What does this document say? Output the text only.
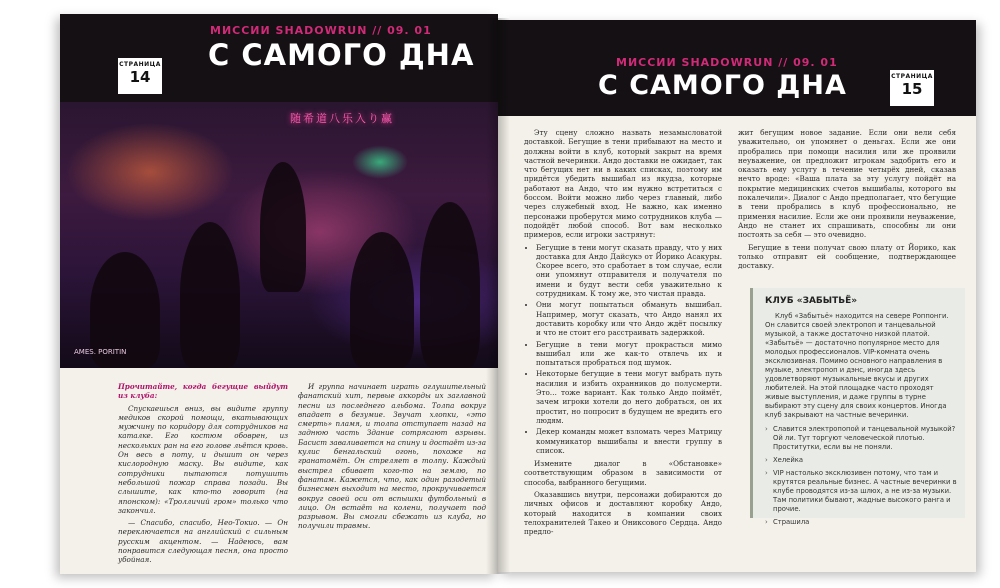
МИССИИ SHADOWRUN // 09. 01
С САМОГО ДНА
СТРАНИЦА
14
随希道八乐入り赢
AMES. PORITIN

Прочитайте, когда бегущие выйдут из клуба:

Спускаешься вниз, вы видите группу медиков скорой помощи, вкатывающих мужчину по коридору для сотрудников на каталке. Его костюм обоврен, из нескольких ран на его голове льётся кровь. Он весь в поту, и дышит он через кислородную маску. Вы видите, как сотрудники пытаются потушить небольшой пожар справа позади. Вы слышите, как кто-то говорит (на японском): «Тролличий гром» только что закончил.

— Спасибо, спасибо, Нео-Токио. — Он переключается на английский с сильным русским акцентом. — Надеюсь, вам понравится следующая песня, она просто убойная.

И группа начинает играть оглушительный фанатский хит, первые аккорды их заглавной песни из последнего альбома. Толпа вокруг впадает в безумие. Звучат хлопки, «это смерть» пламя, и толпа отступает назад на заднюю часть Здание сотрясают взрывы. Басист заваливается на спину и достаёт из-за кулис бенгальский огонь, похоже на гранатомёт. Он стреляет в толпу. Каждый выстрел сбивает кого-то на землю, по фанатам. Кажется, что, как один разодетый бизнесмен выходит на место, прокручивается вокруг своей оси от вспышки футбольный в лицо. Он встаёт на колени, получает под разрывом. Вы смогли сбежать из клуба, но получили травмы.

МИССИИ SHADOWRUN // 09. 01
С САМОГО ДНА	СТРАНИЦА
15

Эту сцену сложно назвать незамысловатой доставкой. Бегущие в тени прибывают на место и должны войти в клуб, который закрыт на время частной вечеринки. Андо доставки не ожидает, так что бегущих нет ни в каких списках, поэтому им придётся убедить вышибал из якудза, которые работают на Андо, что им нужно встретиться с боссом. Войти можно либо через главный, либо через служебный вход. Не важно, как именно персонажи проберутся мимо сотрудников клуба — подойдёт любой способ. Вот вам несколько примеров, если игроки застрянут:

• Бегущие в тени могут сказать правду, что у них доставка для Андо Дайсукэ от Йорико Асакуры. Скорее всего, это сработает в том случае, если они упомянут отправителя и получателя по имени и будут вести себя уважительно к сотрудникам. К тому же, это чистая правда.
• Они могут попытаться обмануть вышибал. Например, могут сказать, что Андо нанял их доставить коробку или что Андо ждёт посылку и что не стоит его расстраивать задержкой.
• Бегущие в тени могут прокрасться мимо вышибал или же как-то отвлечь их и попытаться пробраться под шумок.
• Некоторые бегущие в тени могут выбрать путь насилия и избить охранников до полусмерти. Это… тоже вариант. Как только Андо поймёт, зачем игроки хотели до него добраться, он их простит, но попросит в будущем не вредить его людям.
• Декер команды может взломать через Матрицу коммуникатор вышибалы и внести группу в список.

Измените диалог в «Обстановке» соответствующим образом в зависимости от способа, выбранного бегущими.

Оказавшись внутри, персонажи добираются до личных офисов и доставляют коробку Андо, который находится в компании своих телохранителей Такео и Ониксового Сердца. Андо предло-

жит бегущим новое задание. Если они вели себя уважительно, он упомянет о деньгах. Если же они пробрались при помощи насилия или же проявили неуважение, он предложит игрокам задобрить его и оказать ему услугу в течение четырёх дней, сказав нечто вроде: «Ваша плата за эту услугу пойдёт на покрытие медицинских счетов вышибалы, которого вы покалечили». Диалог с Андо предполагает, что бегущие в тени пробрались в клуб профессионально, не применяя насилие. Если же они проявили неуважение, Андо не станет их спрашивать, способны ли они постоять за себя — это очевидно.

Бегущие в тени получат свою плату от Йорико, как только отправят ей сообщение, подтверждающее доставку.

КЛУБ «ЗАБЫТЬЁ»

Клуб «Забытьё» находится на севере Роппонги. Он славится своей электропоп и танцевальной музыкой, а также достаточно низкой платой. «Забытьё» — достаточно популярное место для молодых профессионалов. VIP-комната очень эксклюзивная. Помимо основного направления в музыке, электропоп и дэнс, иногда здесь удовлетворяют музыкальные вкусы и других любителей. На этой площадке часто проходят живые выступления, и даже группы в турне выбирают эту сцену для своих концертов. Иногда клуб закрывают на частные вечеринки.

› Славится электропопой и танцевальной музыкой? Ой ли. Тут торгуют человеческой плотью. Проститутки, если вы не поняли.

› Хелейка

› VIP настолько эксклюзивен потому, что там и крутятся реальные бизнес. А частные вечеринки в клубе проводятся из-за шлюх, а не из-за музыки. Там политики бывают, жадные высокого ранга и прочие.

› Страшила
